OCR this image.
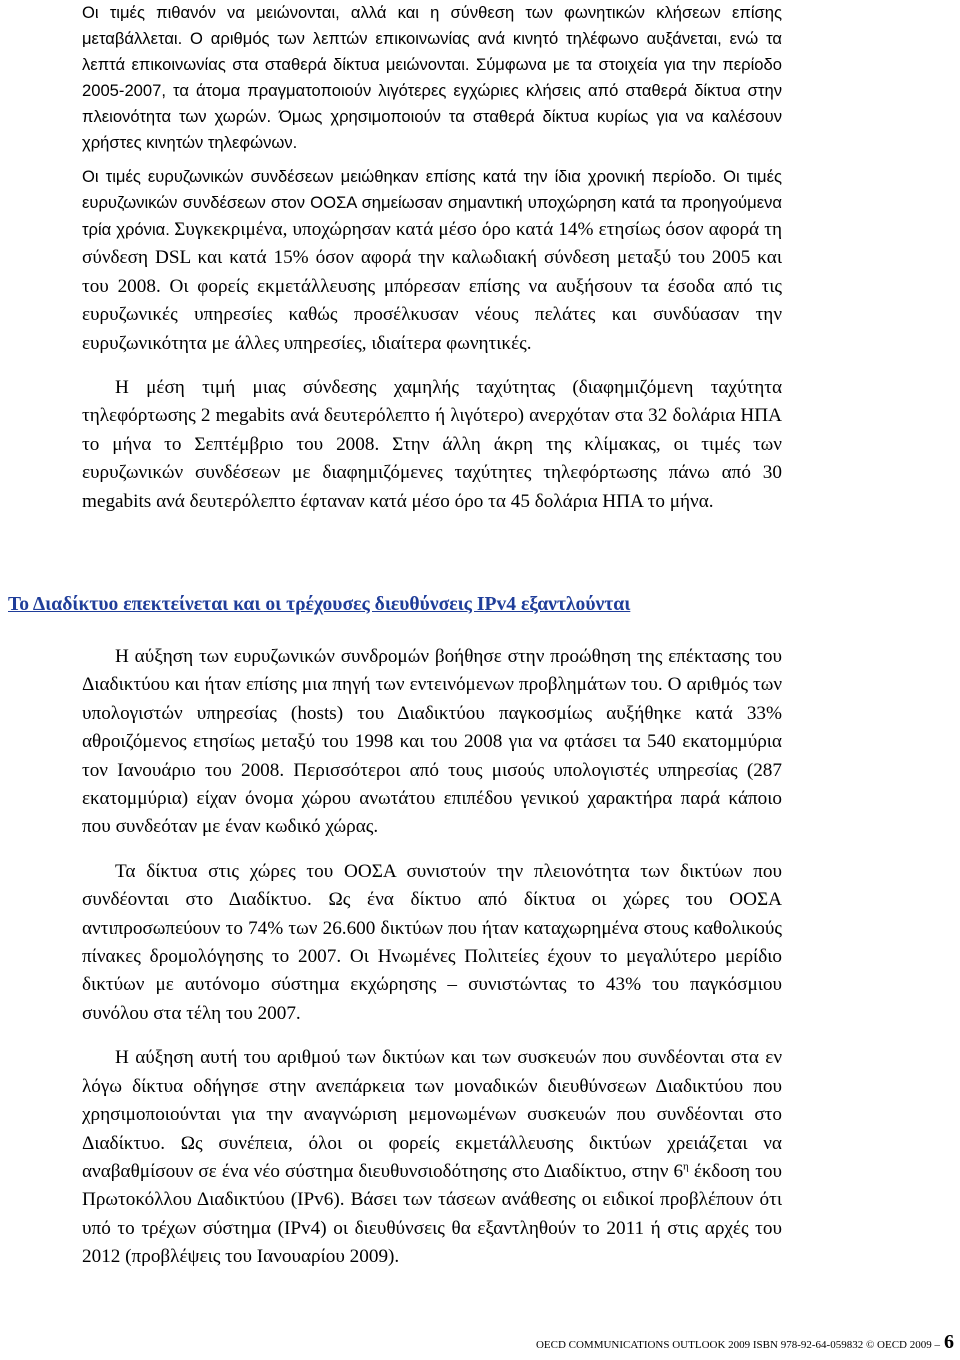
Οι τιμές πιθανόν να μειώνονται, αλλά και η σύνθεση των φωνητικών κλήσεων επίσης μεταβάλλεται. Ο αριθμός των λεπτών επικοινωνίας ανά κινητό τηλέφωνο αυξάνεται, ενώ τα λεπτά επικοινωνίας στα σταθερά δίκτυα μειώνονται. Σύμφωνα με τα στοιχεία για την περίοδο 2005-2007, τα άτομα πραγματοποιούν λιγότερες εγχώριες κλήσεις από σταθερά δίκτυα στην πλειονότητα των χωρών. Όμως χρησιμοποιούν τα σταθερά δίκτυα κυρίως για να καλέσουν χρήστες κινητών τηλεφώνων.

Οι τιμές ευρυζωνικών συνδέσεων μειώθηκαν επίσης κατά την ίδια χρονική περίοδο. Οι τιμές ευρυζωνικών συνδέσεων στον ΟΟΣΑ σημείωσαν σημαντική υποχώρηση κατά τα προηγούμενα τρία χρόνια. Συγκεκριμένα, υποχώρησαν κατά μέσο όρο κατά 14% ετησίως όσον αφορά τη σύνδεση DSL και κατά 15% όσον αφορά την καλωδιακή σύνδεση μεταξύ του 2005 και του 2008. Οι φορείς εκμετάλλευσης μπόρεσαν επίσης να αυξήσουν τα έσοδα από τις ευρυζωνικές υπηρεσίες καθώς προσέλκυσαν νέους πελάτες και συνδύασαν την ευρυζωνικότητα με άλλες υπηρεσίες, ιδιαίτερα φωνητικές.

Η μέση τιμή μιας σύνδεσης χαμηλής ταχύτητας (διαφημιζόμενη ταχύτητα τηλεφόρτωσης 2 megabits ανά δευτερόλεπτο ή λιγότερο) ανερχόταν στα 32 δολάρια ΗΠΑ το μήνα το Σεπτέμβριο του 2008. Στην άλλη άκρη της κλίμακας, οι τιμές των ευρυζωνικών συνδέσεων με διαφημιζόμενες ταχύτητες τηλεφόρτωσης πάνω από 30 megabits ανά δευτερόλεπτο έφταναν κατά μέσο όρο τα 45 δολάρια ΗΠΑ το μήνα.

Το Διαδίκτυο επεκτείνεται και οι τρέχουσες διευθύνσεις IPv4 εξαντλούνται

Η αύξηση των ευρυζωνικών συνδρομών βοήθησε στην προώθηση της επέκτασης του Διαδικτύου και ήταν επίσης μια πηγή των εντεινόμενων προβλημάτων του. Ο αριθμός των υπολογιστών υπηρεσίας (hosts) του Διαδικτύου παγκοσμίως αυξήθηκε κατά 33% αθροιζόμενος ετησίως μεταξύ του 1998 και του 2008 για να φτάσει τα 540 εκατομμύρια τον Ιανουάριο του 2008. Περισσότεροι από τους μισούς υπολογιστές υπηρεσίας (287 εκατομμύρια) είχαν όνομα χώρου ανωτάτου επιπέδου γενικού χαρακτήρα παρά κάποιο που συνδεόταν με έναν κωδικό χώρας.

Τα δίκτυα στις χώρες του ΟΟΣΑ συνιστούν την πλειονότητα των δικτύων που συνδέονται στο Διαδίκτυο. Ως ένα δίκτυο από δίκτυα οι χώρες του ΟΟΣΑ αντιπροσωπεύουν το 74% των 26.600 δικτύων που ήταν καταχωρημένα στους καθολικούς πίνακες δρομολόγησης το 2007. Οι Ηνωμένες Πολιτείες έχουν το μεγαλύτερο μερίδιο δικτύων με αυτόνομο σύστημα εκχώρησης – συνιστώντας το 43% του παγκόσμιου συνόλου στα τέλη του 2007.

Η αύξηση αυτή του αριθμού των δικτύων και των συσκευών που συνδέονται στα εν λόγω δίκτυα οδήγησε στην ανεπάρκεια των μοναδικών διευθύνσεων Διαδικτύου που χρησιμοποιούνται για την αναγνώριση μεμονωμένων συσκευών που συνδέονται στο Διαδίκτυο. Ως συνέπεια, όλοι οι φορείς εκμετάλλευσης δικτύων χρειάζεται να αναβαθμίσουν σε ένα νέο σύστημα διευθυνσιοδότησης στο Διαδίκτυο, στην $6^\eta$ έκδοση του Πρωτοκόλλου Διαδικτύου (IPv6). Βάσει των τάσεων ανάθεσης οι ειδικοί προβλέπουν ότι υπό το τρέχων σύστημα (IPv4) οι διευθύνσεις θα εξαντληθούν το 2011 ή στις αρχές του 2012 (προβλέψεις του Ιανουαρίου 2009).

OECD COMMUNICATIONS OUTLOOK 2009 ISBN 978-92-64-059832 © OECD 2009 – 6
